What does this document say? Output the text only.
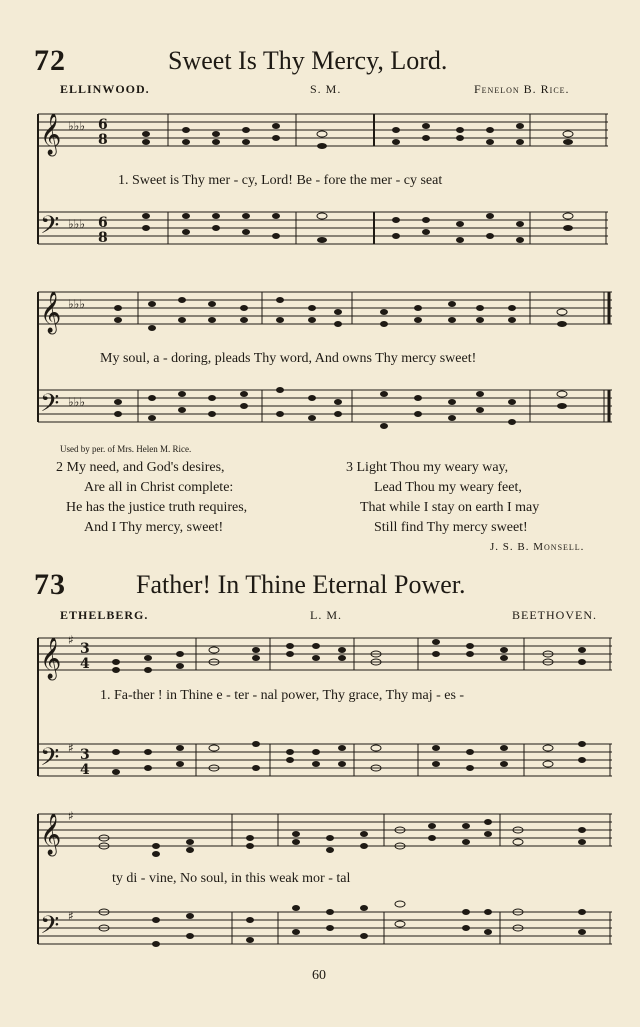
72	Sweet Is Thy Mercy, Lord.
ELLINWOOD.	S. M.	Fenelon B. Rice.
𝄞
𝄢
♭♭♭
♭♭♭
6
8
6
8
1. Sweet is Thy mer - cy, Lord! Be - fore the mer - cy seat
𝄞
𝄢
♭♭♭
♭♭♭
My soul, a - doring, pleads Thy word, And owns Thy mercy sweet!
Used by per. of Mrs. Helen M. Rice.
2 My need, and God's desires,
Are all in Christ complete:
He has the justice truth requires,
And I Thy mercy, sweet!
3 Light Thou my weary way,
Lead Thou my weary feet,
That while I stay on earth I may
Still find Thy mercy sweet!
J. S. B. Monsell.
73	Father! In Thine Eternal Power.
ETHELBERG.	L. M.	BEETHOVEN.
𝄞
𝄢
♯
♯
3
4
3
4
1. Fa-ther ! in Thine e - ter - nal power, Thy grace, Thy maj - es -
𝄞
𝄢
♯
♯
ty di - vine, No soul, in this weak mor - tal
60
